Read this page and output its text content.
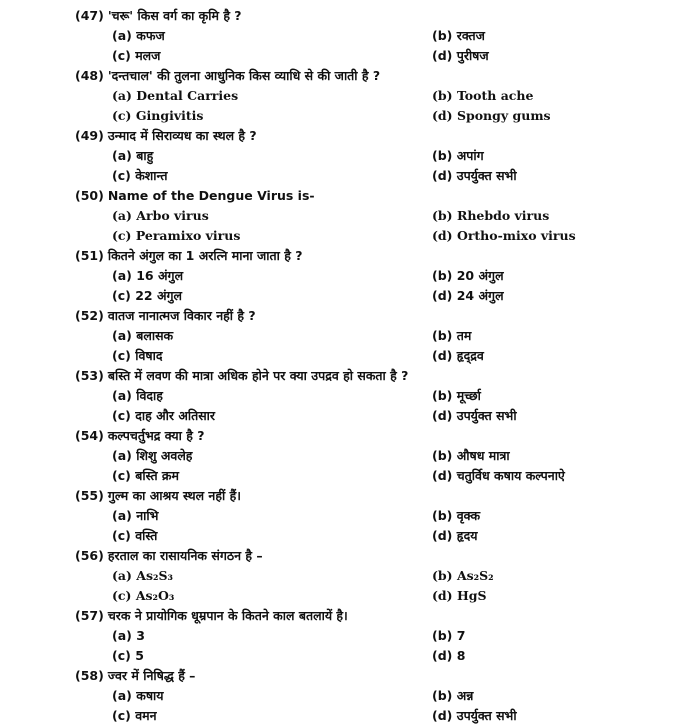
(47) 'चरू' किस वर्ग का कृमि है ?
(a) कफज	(b) रक्तज
(c) मलज	(d) पुरीषज
(48) 'दन्तचाल' की तुलना आधुनिक किस व्याधि से की जाती है ?
(a) Dental Carries	(b) Tooth ache
(c) Gingivitis	(d) Spongy gums
(49) उन्माद में सिराव्यध का स्थल है ?
(a) बाहु	(b) अपांग
(c) केशान्त	(d) उपर्युक्त सभी
(50) Name of the Dengue Virus is-
(a) Arbo virus	(b) Rhebdo virus
(c) Peramixo virus	(d) Ortho-mixo virus
(51) कितने अंगुल का 1 अरत्नि माना जाता है ?
(a) 16 अंगुल	(b) 20 अंगुल
(c) 22 अंगुल	(d) 24 अंगुल
(52) वातज नानात्मज विकार नहीं है ?
(a) बलासक	(b) तम
(c) विषाद	(d) हृद्द्रव
(53) बस्ति में लवण की मात्रा अधिक होने पर क्या उपद्रव हो सकता है ?
(a) विदाह	(b) मूर्च्छा
(c) दाह और अतिसार	(d) उपर्युक्त सभी
(54) कल्पचर्तुभद्र क्या है ?
(a) शिशु अवलेह	(b) औषध मात्रा
(c) बस्ति क्रम	(d) चतुर्विध कषाय कल्पनाऐ
(55) गुल्म का आश्रय स्थल नहीं हैं।
(a) नाभि	(b) वृक्क
(c) वस्ति	(d) हृदय
(56) हरताल का रासायनिक संगठन है –
(a) As₂S₃	(b) As₂S₂
(c) As₂O₃	(d) HgS
(57) चरक ने प्रायोगिक धूम्रपान के कितने काल बतलायें है।
(a) 3	(b) 7
(c) 5	(d) 8
(58) ज्वर में निषिद्ध हैं –
(a) कषाय	(b) अन्न
(c) वमन	(d) उपर्युक्त सभी
